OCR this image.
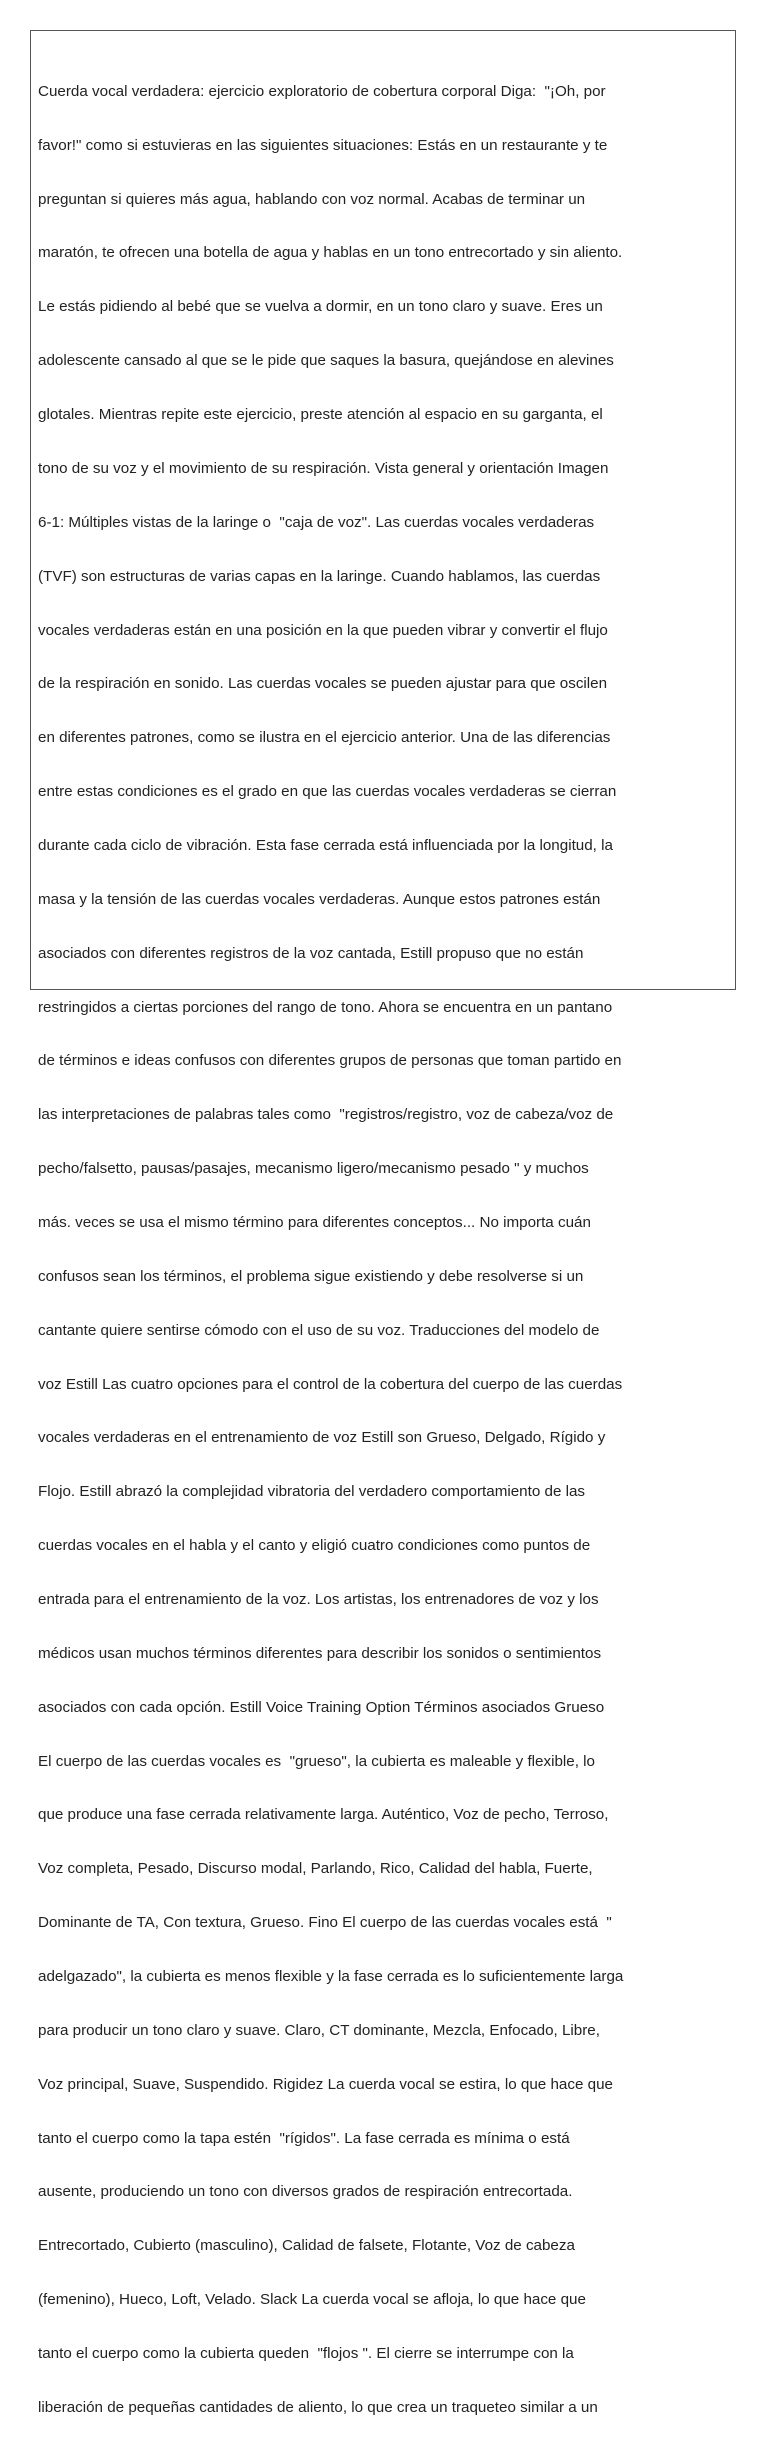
Cuerda vocal verdadera: ejercicio exploratorio de cobertura corporal Diga:  "¡Oh, por

favor!" como si estuvieras en las siguientes situaciones: Estás en un restaurante y te

preguntan si quieres más agua, hablando con voz normal. Acabas de terminar un

maratón, te ofrecen una botella de agua y hablas en un tono entrecortado y sin aliento.

Le estás pidiendo al bebé que se vuelva a dormir, en un tono claro y suave. Eres un

adolescente cansado al que se le pide que saques la basura, quejándose en alevines

glotales. Mientras repite este ejercicio, preste atención al espacio en su garganta, el

tono de su voz y el movimiento de su respiración. Vista general y orientación Imagen

6-1: Múltiples vistas de la laringe o  "caja de voz". Las cuerdas vocales verdaderas

(TVF) son estructuras de varias capas en la laringe. Cuando hablamos, las cuerdas

vocales verdaderas están en una posición en la que pueden vibrar y convertir el flujo

de la respiración en sonido. Las cuerdas vocales se pueden ajustar para que oscilen

en diferentes patrones, como se ilustra en el ejercicio anterior. Una de las diferencias

entre estas condiciones es el grado en que las cuerdas vocales verdaderas se cierran

durante cada ciclo de vibración. Esta fase cerrada está influenciada por la longitud, la

masa y la tensión de las cuerdas vocales verdaderas. Aunque estos patrones están

asociados con diferentes registros de la voz cantada, Estill propuso que no están

restringidos a ciertas porciones del rango de tono. Ahora se encuentra en un pantano

de términos e ideas confusos con diferentes grupos de personas que toman partido en

las interpretaciones de palabras tales como  "registros/registro, voz de cabeza/voz de

pecho/falsetto, pausas/pasajes, mecanismo ligero/mecanismo pesado " y muchos

más. veces se usa el mismo término para diferentes conceptos... No importa cuán

confusos sean los términos, el problema sigue existiendo y debe resolverse si un

cantante quiere sentirse cómodo con el uso de su voz. Traducciones del modelo de

voz Estill Las cuatro opciones para el control de la cobertura del cuerpo de las cuerdas

vocales verdaderas en el entrenamiento de voz Estill son Grueso, Delgado, Rígido y

Flojo. Estill abrazó la complejidad vibratoria del verdadero comportamiento de las

cuerdas vocales en el habla y el canto y eligió cuatro condiciones como puntos de

entrada para el entrenamiento de la voz. Los artistas, los entrenadores de voz y los

médicos usan muchos términos diferentes para describir los sonidos o sentimientos

asociados con cada opción. Estill Voice Training Option Términos asociados Grueso

El cuerpo de las cuerdas vocales es  "grueso", la cubierta es maleable y flexible, lo

que produce una fase cerrada relativamente larga. Auténtico, Voz de pecho, Terroso,

Voz completa, Pesado, Discurso modal, Parlando, Rico, Calidad del habla, Fuerte,

Dominante de TA, Con textura, Grueso. Fino El cuerpo de las cuerdas vocales está  "

adelgazado", la cubierta es menos flexible y la fase cerrada es lo suficientemente larga

para producir un tono claro y suave. Claro, CT dominante, Mezcla, Enfocado, Libre,

Voz principal, Suave, Suspendido. Rigidez La cuerda vocal se estira, lo que hace que

tanto el cuerpo como la tapa estén  "rígidos". La fase cerrada es mínima o está

ausente, produciendo un tono con diversos grados de respiración entrecortada.

Entrecortado, Cubierto (masculino), Calidad de falsete, Flotante, Voz de cabeza

(femenino), Hueco, Loft, Velado. Slack La cuerda vocal se afloja, lo que hace que

tanto el cuerpo como la cubierta queden  "flojos ". El cierre se interrumpe con la

liberación de pequeñas cantidades de aliento, lo que crea un traqueteo similar a un
